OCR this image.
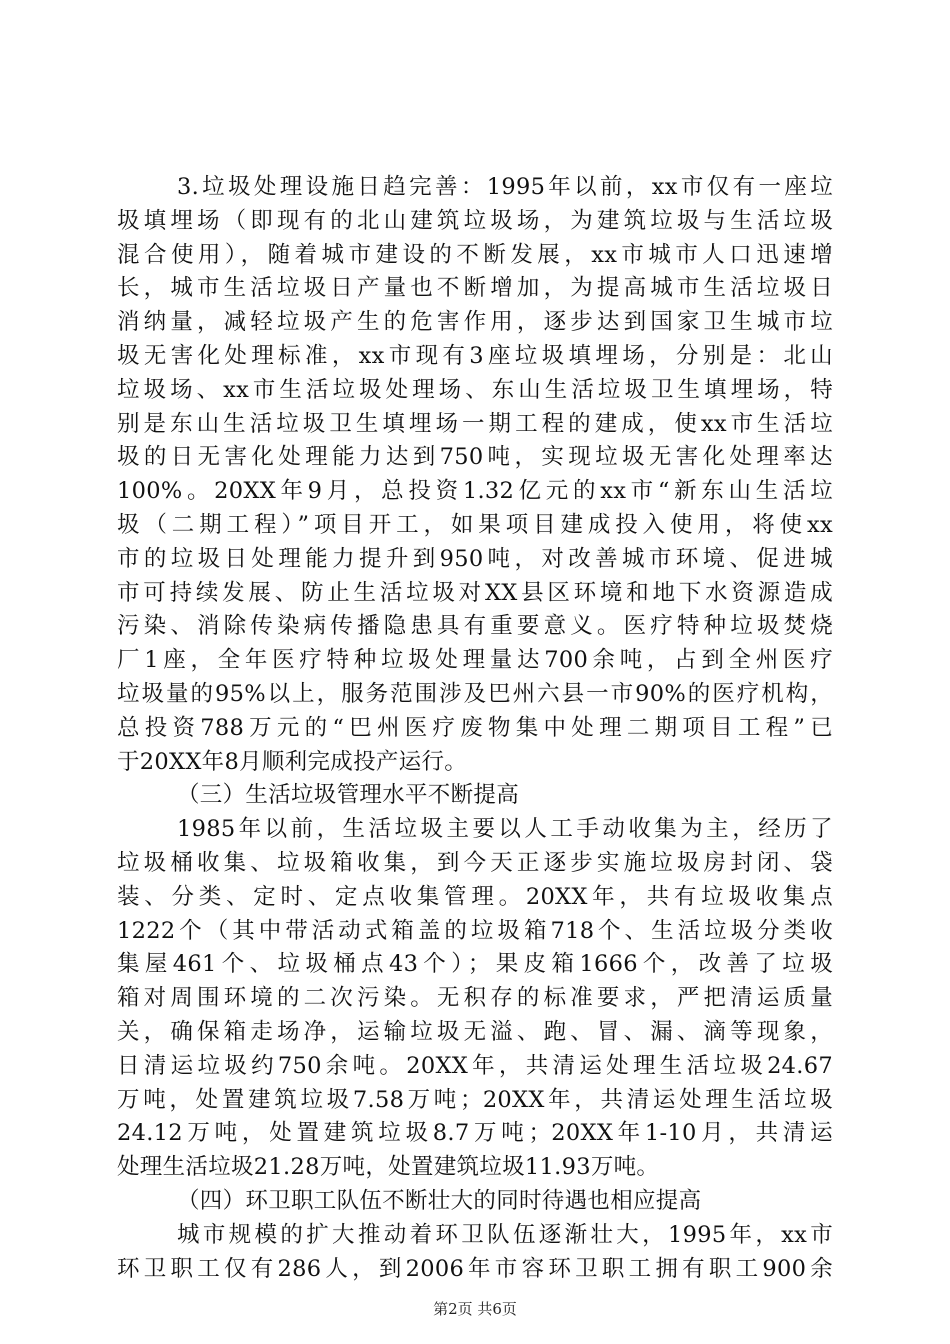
3.垃圾处理设施日趋完善：1995年以前，xx市仅有一座垃
圾填埋场（即现有的北山建筑垃圾场，为建筑垃圾与生活垃圾
混合使用），随着城市建设的不断发展，xx市城市人口迅速增
长，城市生活垃圾日产量也不断增加，为提高城市生活垃圾日
消纳量，减轻垃圾产生的危害作用，逐步达到国家卫生城市垃
圾无害化处理标准，xx市现有3座垃圾填埋场，分别是：北山
垃圾场、xx市生活垃圾处理场、东山生活垃圾卫生填埋场，特
别是东山生活垃圾卫生填埋场一期工程的建成，使xx市生活垃
圾的日无害化处理能力达到750吨，实现垃圾无害化处理率达
100%。20XX年9月，总投资1.32亿元的xx市“新东山生活垃
圾（二期工程）”项目开工，如果项目建成投入使用，将使xx
市的垃圾日处理能力提升到950吨，对改善城市环境、促进城
市可持续发展、防止生活垃圾对XX县区环境和地下水资源造成
污染、消除传染病传播隐患具有重要意义。医疗特种垃圾焚烧
厂1座，全年医疗特种垃圾处理量达700余吨，占到全州医疗
垃圾量的95%以上，服务范围涉及巴州六县一市90%的医疗机构，
总投资788万元的“巴州医疗废物集中处理二期项目工程”已
于20XX年8月顺利完成投产运行。
（三）生活垃圾管理水平不断提高
1985年以前，生活垃圾主要以人工手动收集为主，经历了
垃圾桶收集、垃圾箱收集，到今天正逐步实施垃圾房封闭、袋
装、分类、定时、定点收集管理。20XX年，共有垃圾收集点
1222个（其中带活动式箱盖的垃圾箱718个、生活垃圾分类收
集屋461个、垃圾桶点43个）；果皮箱1666个，改善了垃圾
箱对周围环境的二次污染。无积存的标准要求，严把清运质量
关，确保箱走场净，运输垃圾无溢、跑、冒、漏、滴等现象，
日清运垃圾约750余吨。20XX年，共清运处理生活垃圾24.67
万吨，处置建筑垃圾7.58万吨；20XX年，共清运处理生活垃圾
24.12万吨，处置建筑垃圾8.7万吨；20XX年1-10月，共清运
处理生活垃圾21.28万吨，处置建筑垃圾11.93万吨。
（四）环卫职工队伍不断壮大的同时待遇也相应提高
城市规模的扩大推动着环卫队伍逐渐壮大，1995年，xx市
环卫职工仅有286人，到2006年市容环卫职工拥有职工900余
第2页 共6页
